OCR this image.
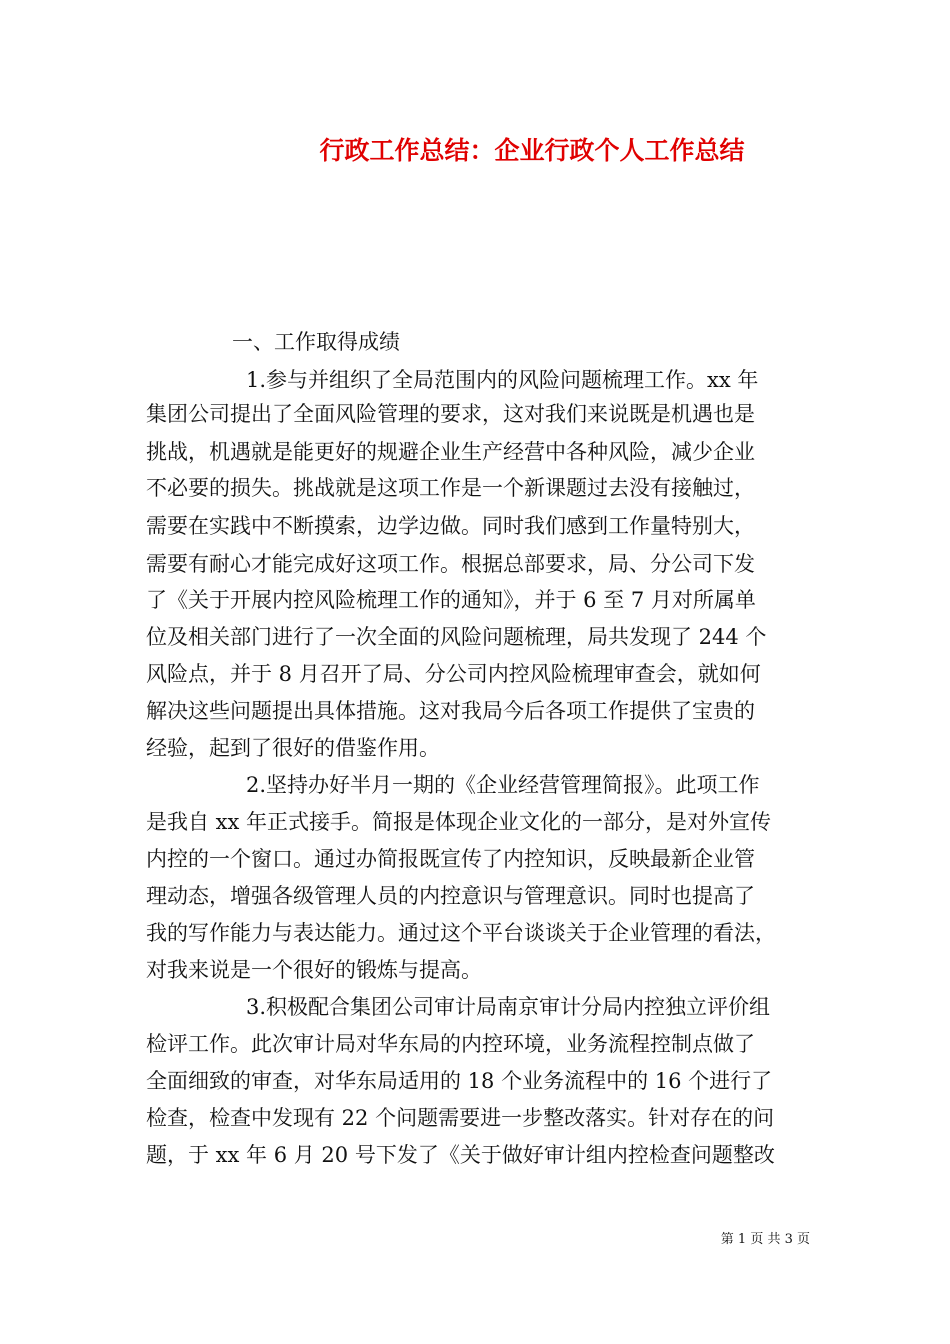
行政工作总结：企业行政个人工作总结
一、工作取得成绩
1.参与并组织了全局范围内的风险问题梳理工作。xx 年
集团公司提出了全面风险管理的要求，这对我们来说既是机遇也是
挑战，机遇就是能更好的规避企业生产经营中各种风险，减少企业
不必要的损失。挑战就是这项工作是一个新课题过去没有接触过，
需要在实践中不断摸索，边学边做。同时我们感到工作量特别大，
需要有耐心才能完成好这项工作。根据总部要求，局、分公司下发
了《关于开展内控风险梳理工作的通知》，并于 6 至 7 月对所属单
位及相关部门进行了一次全面的风险问题梳理，局共发现了 244 个
风险点，并于 8 月召开了局、分公司内控风险梳理审查会，就如何
解决这些问题提出具体措施。这对我局今后各项工作提供了宝贵的
经验，起到了很好的借鉴作用。
2.坚持办好半月一期的《企业经营管理简报》。此项工作
是我自 xx 年正式接手。简报是体现企业文化的一部分，是对外宣传
内控的一个窗口。通过办简报既宣传了内控知识，反映最新企业管
理动态，增强各级管理人员的内控意识与管理意识。同时也提高了
我的写作能力与表达能力。通过这个平台谈谈关于企业管理的看法，
对我来说是一个很好的锻炼与提高。
3.积极配合集团公司审计局南京审计分局内控独立评价组
检评工作。此次审计局对华东局的内控环境，业务流程控制点做了
全面细致的审查，对华东局适用的 18 个业务流程中的 16 个进行了
检查，检查中发现有 22 个问题需要进一步整改落实。针对存在的问
题，于 xx 年 6 月 20 号下发了《关于做好审计组内控检查问题整改
第 1 页 共 3 页
